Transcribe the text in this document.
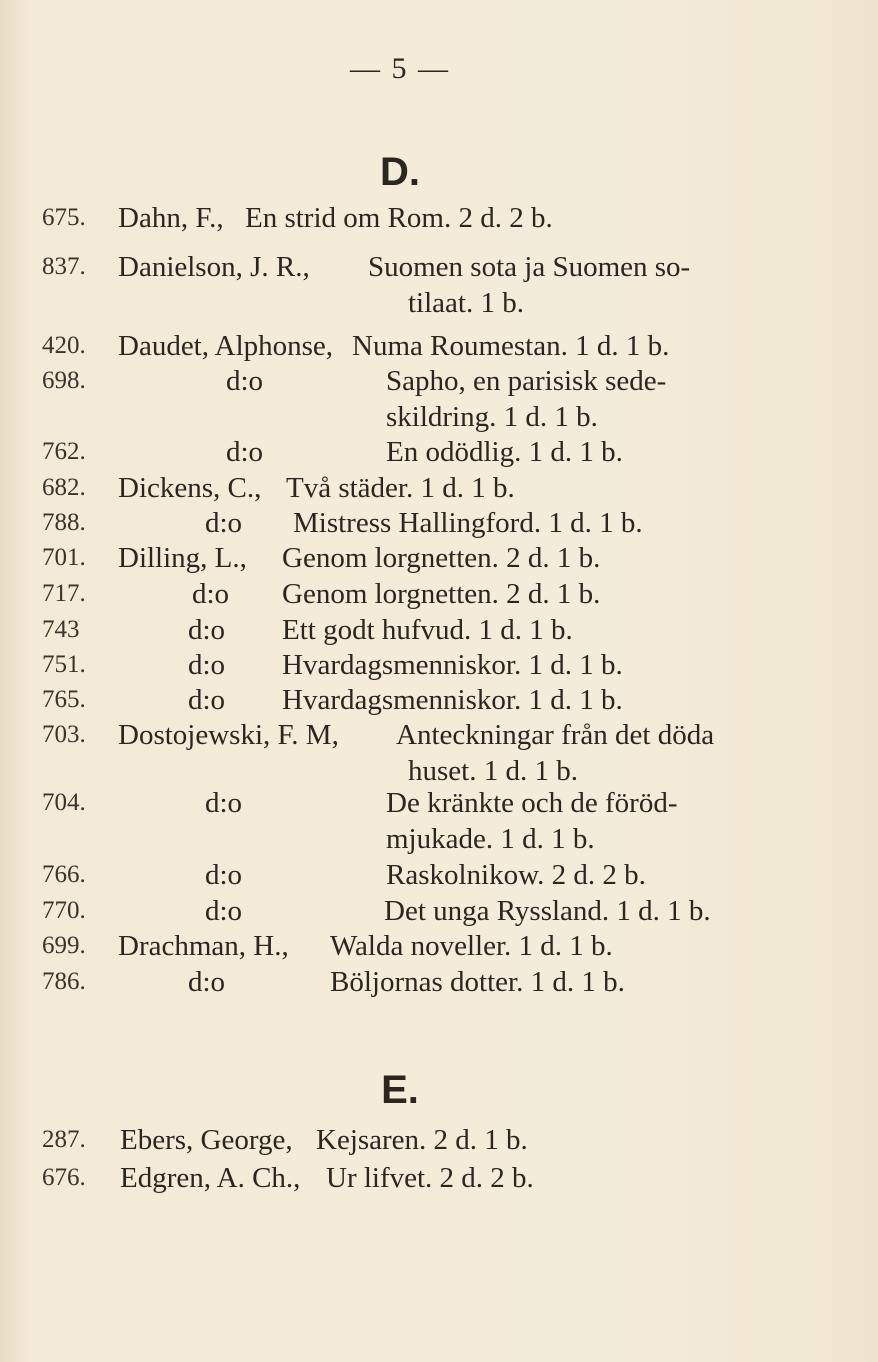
— 5 —
D.
675.	Dahn, F., En strid om Rom. 2 d. 2 b.
837.	Danielson, J. R., Suomen sota ja Suomen so-
tilaat. 1 b.
420.	Daudet, Alphonse, Numa Roumestan. 1 d. 1 b.
698.	d:o	Sapho, en parisisk sede-
skildring. 1 d. 1 b.
762.	d:o	En odödlig. 1 d. 1 b.
682.	Dickens, C., Två städer. 1 d. 1 b.
788.	d:o Mistress Hallingford. 1 d. 1 b.
701.	Dilling, L., Genom lorgnetten. 2 d. 1 b.
717.	d:o Genom lorgnetten. 2 d. 1 b.
743	d:o Ett godt hufvud. 1 d. 1 b.
751.	d:o Hvardagsmenniskor. 1 d. 1 b.
765.	d:o Hvardagsmenniskor. 1 d. 1 b.
703.	Dostojewski, F. M, Anteckningar från det döda
huset. 1 d. 1 b.
704.	d:o	De kränkte och de föröd-
mjukade. 1 d. 1 b.
766.	d:o	Raskolnikow. 2 d. 2 b.
770.	d:o	Det unga Ryssland. 1 d. 1 b.
699.	Drachman, H., Walda noveller. 1 d. 1 b.
786.	d:o	Böljornas dotter. 1 d. 1 b.
E.
287.	Ebers, George, Kejsaren. 2 d. 1 b.
676.	Edgren, A. Ch., Ur lifvet. 2 d. 2 b.
